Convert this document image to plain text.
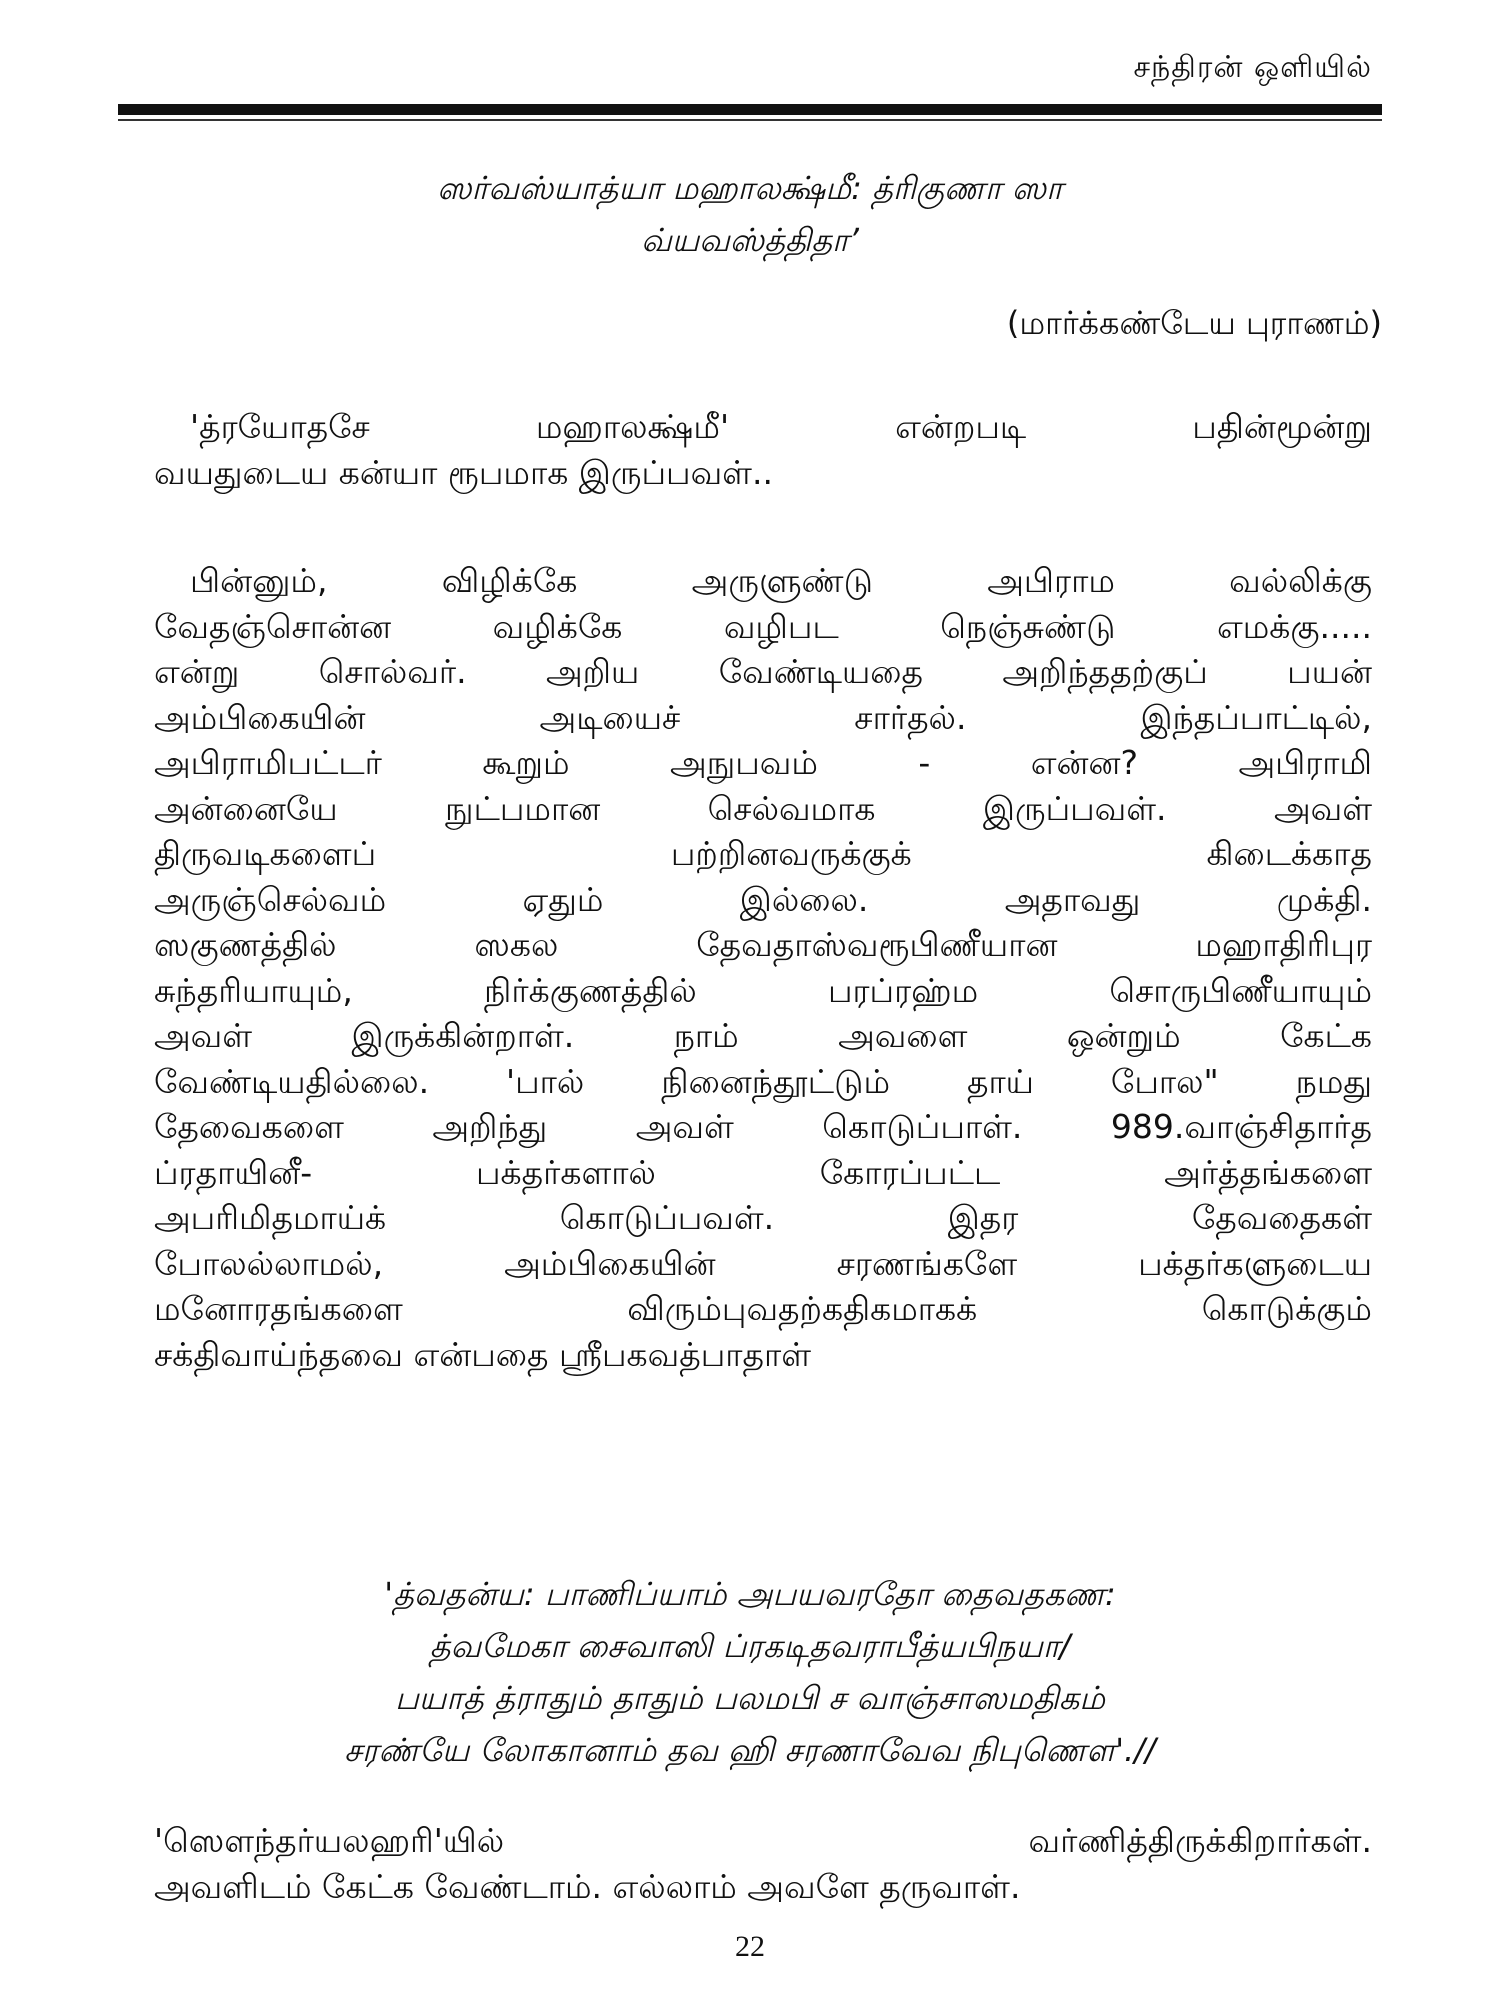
சந்திரன் ஒளியில்
ஸர்வஸ்யாத்யா மஹாலக்ஷ்மீ: த்ரிகுணா ஸா
வ்யவஸ்த்திதா’
(மார்க்கண்டேய புராணம்)
'த்ரயோதசே மஹாலக்ஷ்மீ' என்றபடி பதின்மூன்று
வயதுடைய கன்யா ரூபமாக இருப்பவள்..
பின்னும், விழிக்கே அருளுண்டு அபிராம வல்லிக்கு
வேதஞ்சொன்ன வழிக்கே வழிபட நெஞ்சுண்டு எமக்கு.....
என்று சொல்வர். அறிய வேண்டியதை அறிந்ததற்குப் பயன்
அம்பிகையின் அடியைச் சார்தல். இந்தப்பாட்டில்,
அபிராமிபட்டர் கூறும் அநுபவம் - என்ன? அபிராமி
அன்னையே நுட்பமான செல்வமாக இருப்பவள். அவள்
திருவடிகளைப் பற்றினவருக்குக் கிடைக்காத
அருஞ்செல்வம் ஏதும் இல்லை. அதாவது முக்தி.
ஸகுணத்தில் ஸகல தேவதாஸ்வரூபிணீயான மஹாதிரிபுர
சுந்தரியாயும், நிர்க்குணத்தில் பரப்ரஹ்ம சொருபிணீயாயும்
அவள் இருக்கின்றாள். நாம் அவளை ஒன்றும் கேட்க
வேண்டியதில்லை. 'பால் நினைந்தூட்டும் தாய் போல" நமது
தேவைகளை அறிந்து அவள் கொடுப்பாள். 989.வாஞ்சிதார்த
ப்ரதாயினீ- பக்தர்களால் கோரப்பட்ட அர்த்தங்களை
அபரிமிதமாய்க் கொடுப்பவள். இதர தேவதைகள்
போலல்லாமல், அம்பிகையின் சரணங்களே பக்தர்களுடைய
மனோரதங்களை விரும்புவதற்கதிகமாகக் கொடுக்கும்
சக்திவாய்ந்தவை என்பதை ஸ்ரீபகவத்பாதாள்
'த்வதன்ய: பாணிப்யாம் அபயவரதோ தைவதகண:
த்வமேகா சைவாஸி ப்ரகடிதவராபீத்யபிநயா/
பயாத் த்ராதும் தாதும் பலமபி ச வாஞ்சாஸமதிகம்
சரண்யே லோகானாம் தவ ஹி சரணாவேவ நிபுணௌ'.//
'ஸௌந்தர்யலஹரி'யில் வர்ணித்திருக்கிறார்கள்.
அவளிடம் கேட்க வேண்டாம். எல்லாம் அவளே தருவாள்.
22
